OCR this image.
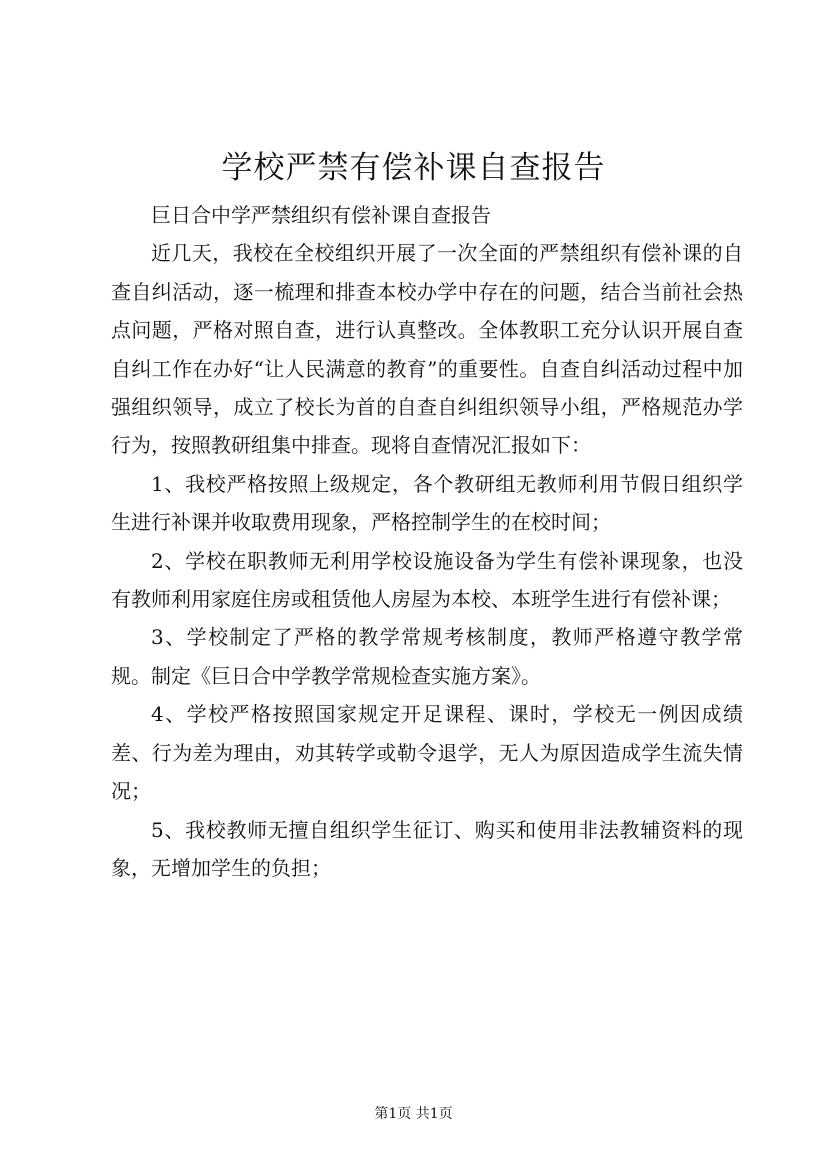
学校严禁有偿补课自查报告

巨日合中学严禁组织有偿补课自查报告

近几天，我校在全校组织开展了一次全面的严禁组织有偿补课的自查自纠活动，逐一梳理和排查本校办学中存在的问题，结合当前社会热点问题，严格对照自查，进行认真整改。全体教职工充分认识开展自查自纠工作在办好“让人民满意的教育”的重要性。自查自纠活动过程中加强组织领导，成立了校长为首的自查自纠组织领导小组，严格规范办学行为，按照教研组集中排查。现将自查情况汇报如下：

1、我校严格按照上级规定，各个教研组无教师利用节假日组织学生进行补课并收取费用现象，严格控制学生的在校时间；

2、学校在职教师无利用学校设施设备为学生有偿补课现象，也没有教师利用家庭住房或租赁他人房屋为本校、本班学生进行有偿补课；

3、学校制定了严格的教学常规考核制度，教师严格遵守教学常规。制定《巨日合中学教学常规检查实施方案》。

4、学校严格按照国家规定开足课程、课时，学校无一例因成绩差、行为差为理由，劝其转学或勒令退学，无人为原因造成学生流失情况；

5、我校教师无擅自组织学生征订、购买和使用非法教辅资料的现象，无增加学生的负担；

第1页 共1页
